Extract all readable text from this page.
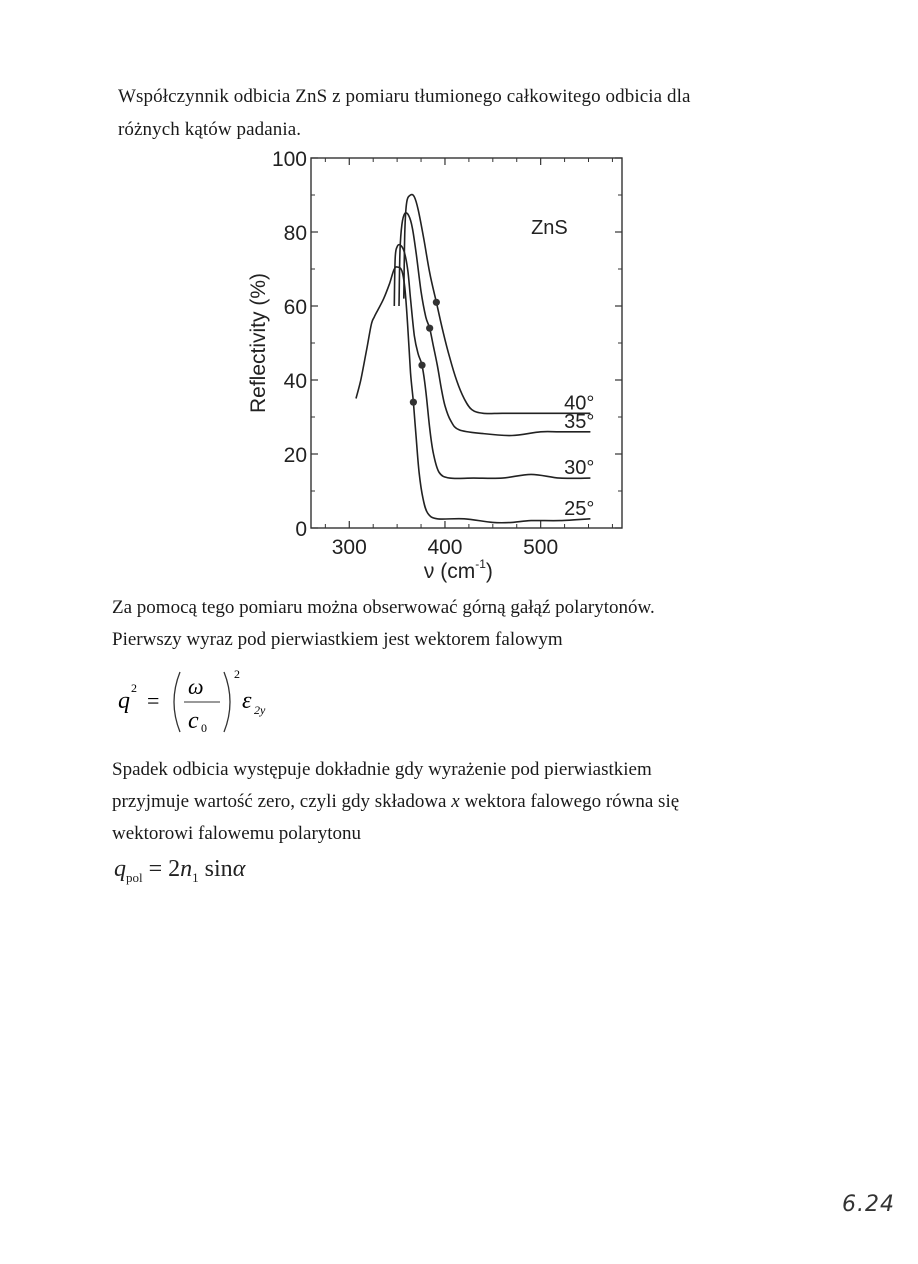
Współczynnik odbicia ZnS z pomiaru tłumionego całkowitego odbicia dla
różnych kątów padania.
0
20
40
60
80
100
300	400	500
40°
35°
30°
25°
ZnS
Reflectivity (%)
ν $(cm^{-1})$
Za pomocą tego pomiaru można obserwować górną gałąź polarytonów.
Pierwszy wyraz pod pierwiastkiem jest wektorem falowym
q 2 =
ω
c 0
2
ε 2y
Spadek odbicia występuje dokładnie gdy wyrażenie pod pierwiastkiem
przyjmuje wartość zero, czyli gdy składowa x wektora falowego równa się
wektorowi falowemu polarytonu
$q_{pol} = 2n_1$ sinα
6.24
